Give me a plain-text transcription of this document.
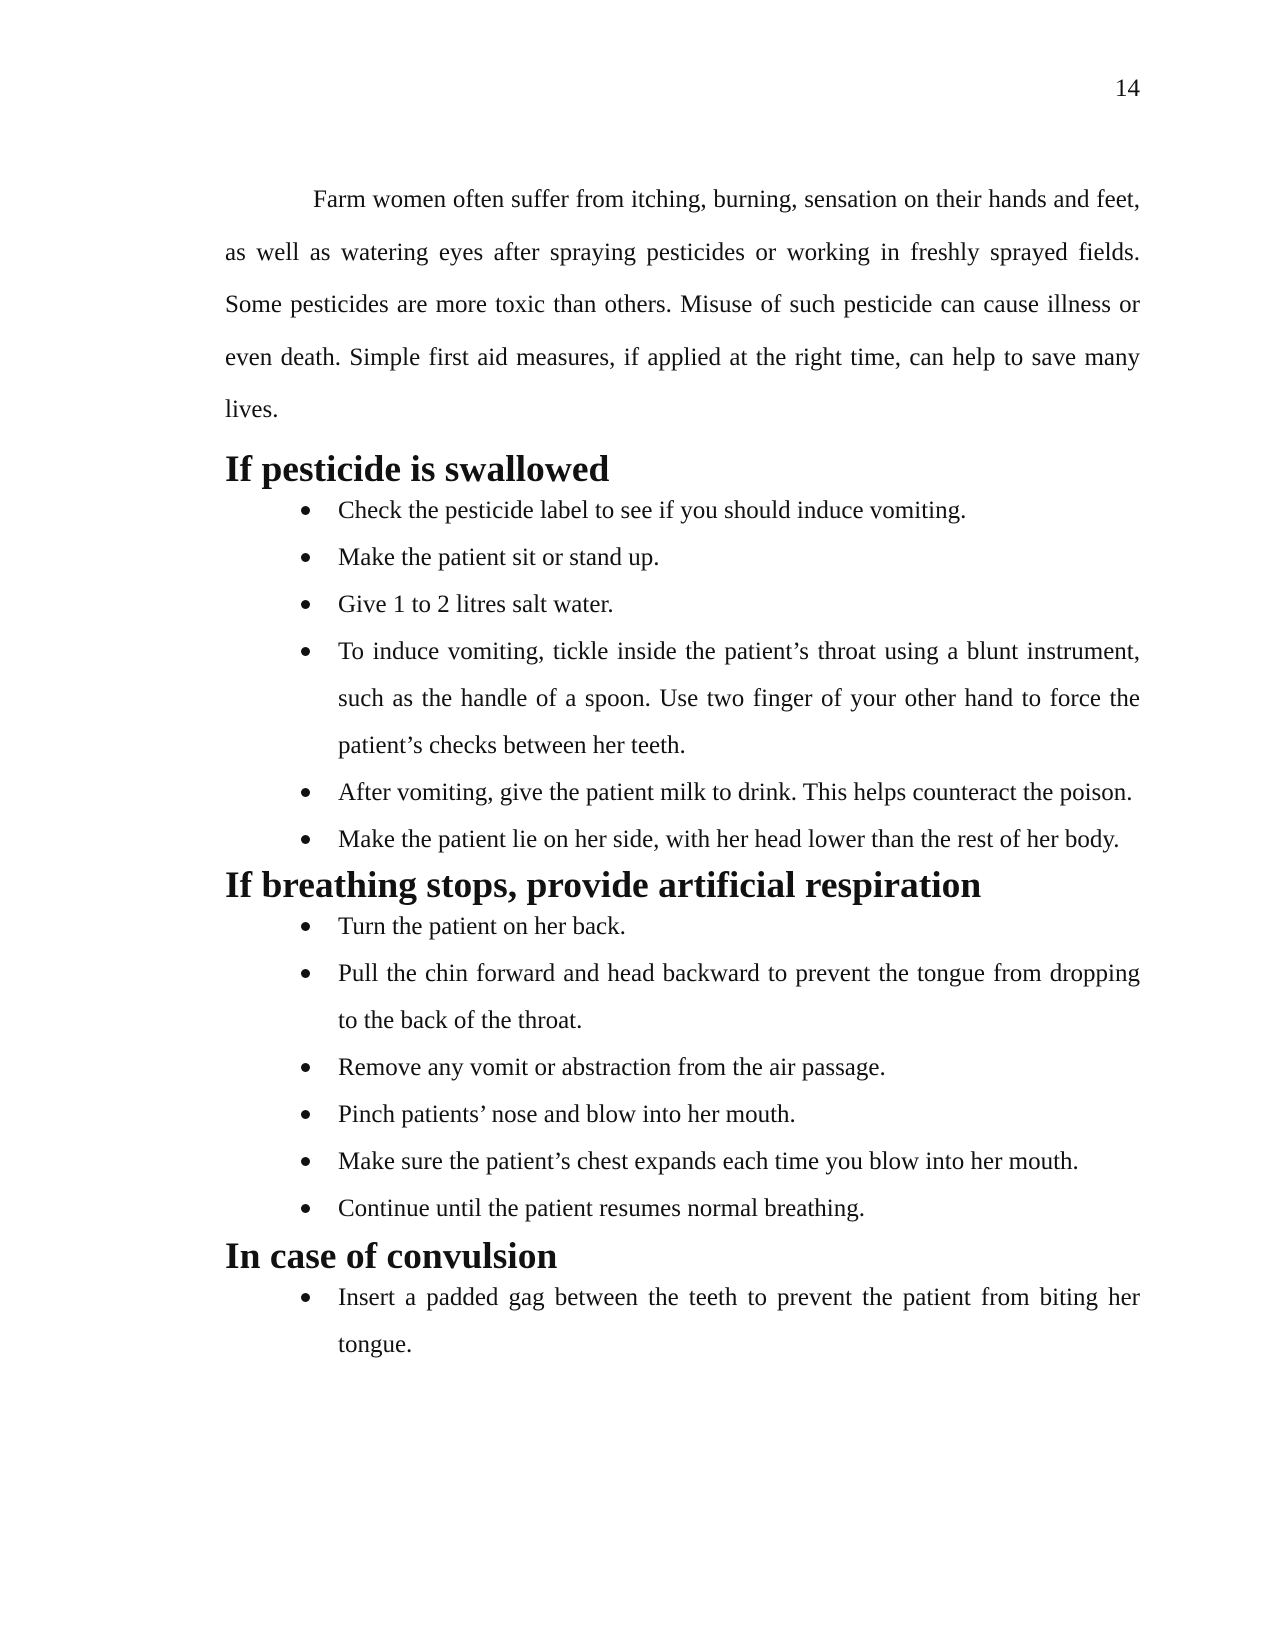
14

Farm women often suffer from itching, burning, sensation on their hands and feet, as well as watering eyes after spraying pesticides or working in freshly sprayed fields. Some pesticides are more toxic than others. Misuse of such pesticide can cause illness or even death. Simple first aid measures, if applied at the right time, can help to save many lives.

If pesticide is swallowed
Check the pesticide label to see if you should induce vomiting.
Make the patient sit or stand up.
Give 1 to 2 litres salt water.
To induce vomiting, tickle inside the patient’s throat using a blunt instrument, such as the handle of a spoon. Use two finger of your other hand to force the patient’s checks between her teeth.
After vomiting, give the patient milk to drink. This helps counteract the poison.
Make the patient lie on her side, with her head lower than the rest of her body.
If breathing stops, provide artificial respiration
Turn the patient on her back.
Pull the chin forward and head backward to prevent the tongue from dropping to the back of the throat.
Remove any vomit or abstraction from the air passage.
Pinch patients’ nose and blow into her mouth.
Make sure the patient’s chest expands each time you blow into her mouth.
Continue until the patient resumes normal breathing.
In case of convulsion
Insert a padded gag between the teeth to prevent the patient from biting her tongue.
